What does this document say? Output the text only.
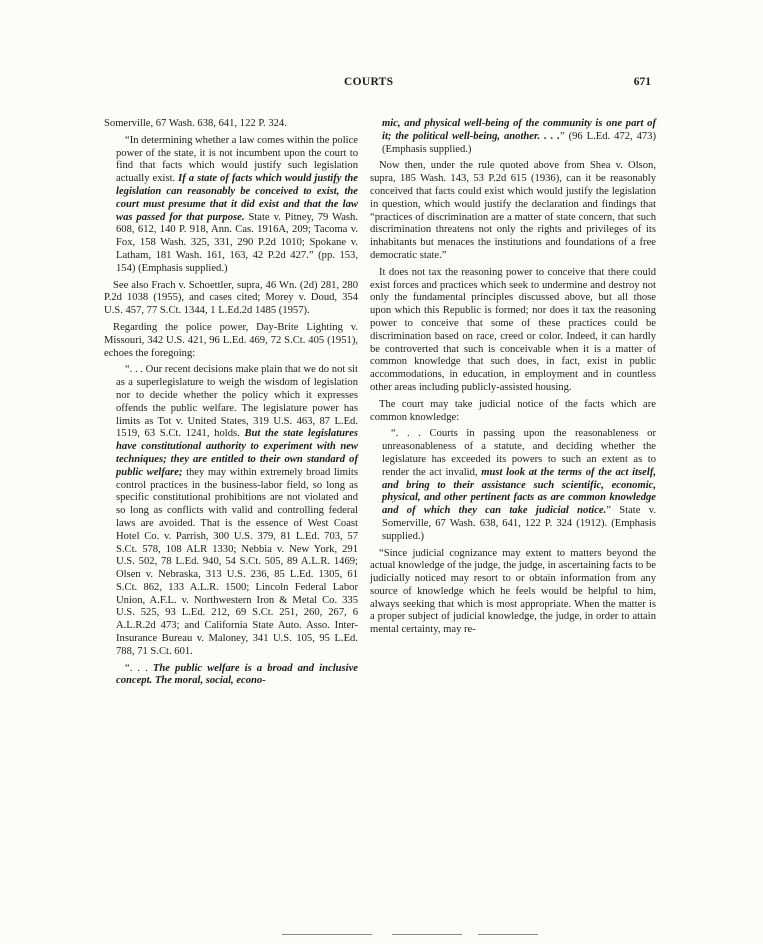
COURTS	671

Somerville, 67 Wash. 638, 641, 122 P. 324.

“In determining whether a law comes within the police power of the state, it is not incumbent upon the court to find that facts which would justify such legislation actually exist. If a state of facts which would justify the legislation can reasonably be conceived to exist, the court must presume that it did exist and that the law was passed for that purpose. State v. Pitney, 79 Wash. 608, 612, 140 P. 918, Ann. Cas. 1916A, 209; Tacoma v. Fox, 158 Wash. 325, 331, 290 P.2d 1010; Spokane v. Latham, 181 Wash. 161, 163, 42 P.2d 427.” (pp. 153, 154) (Emphasis supplied.)

See also Frach v. Schoettler, supra, 46 Wn. (2d) 281, 280 P.2d 1038 (1955), and cases cited; Morey v. Doud, 354 U.S. 457, 77 S.Ct. 1344, 1 L.Ed.2d 1485 (1957).

Regarding the police power, Day-Brite Lighting v. Missouri, 342 U.S. 421, 96 L.Ed. 469, 72 S.Ct. 405 (1951), echoes the foregoing:

“. . . Our recent decisions make plain that we do not sit as a superlegislature to weigh the wisdom of legislation nor to decide whether the policy which it expresses offends the public welfare. The legislature power has limits as Tot v. United States, 319 U.S. 463, 87 L.Ed. 1519, 63 S.Ct. 1241, holds. But the state legislatures have constitutional authority to experiment with new techniques; they are entitled to their own standard of public welfare; they may within extremely broad limits control practices in the business-labor field, so long as specific constitutional prohibitions are not violated and so long as conflicts with valid and controlling federal laws are avoided. That is the essence of West Coast Hotel Co. v. Parrish, 300 U.S. 379, 81 L.Ed. 703, 57 S.Ct. 578, 108 ALR 1330; Nebbia v. New York, 291 U.S. 502, 78 L.Ed. 940, 54 S.Ct. 505, 89 A.L.R. 1469; Olsen v. Nebraska, 313 U.S. 236, 85 L.Ed. 1305, 61 S.Ct. 862, 133 A.L.R. 1500; Lincoln Federal Labor Union, A.F.L. v. Northwestern Iron & Metal Co. 335 U.S. 525, 93 L.Ed. 212, 69 S.Ct. 251, 260, 267, 6 A.L.R.2d 473; and California State Auto. Asso. Inter-Insurance Bureau v. Maloney, 341 U.S. 105, 95 L.Ed. 788, 71 S.Ct. 601.

“. . . The public welfare is a broad and inclusive concept. The moral, social, econo-

mic, and physical well-being of the community is one part of it; the political well-being, another. . . .” (96 L.Ed. 472, 473) (Emphasis supplied.)

Now then, under the rule quoted above from Shea v. Olson, supra, 185 Wash. 143, 53 P.2d 615 (1936), can it be reasonably conceived that facts could exist which would justify the legislation in question, which would justify the declaration and findings that “practices of discrimination are a matter of state concern, that such discrimination threatens not only the rights and privileges of its inhabitants but menaces the institutions and foundations of a free democratic state.”

It does not tax the reasoning power to conceive that there could exist forces and practices which seek to undermine and destroy not only the fundamental principles discussed above, but all those upon which this Republic is formed; nor does it tax the reasoning power to conceive that some of these practices could be discrimination based on race, creed or color. Indeed, it can hardly be controverted that such is conceivable when it is a matter of common knowledge that such does, in fact, exist in public accommodations, in education, in employment and in countless other areas including publicly-assisted housing.

The court may take judicial notice of the facts which are common knowledge:

“. . . Courts in passing upon the reasonableness or unreasonableness of a statute, and deciding whether the legislature has exceeded its powers to such an extent as to render the act invalid, must look at the terms of the act itself, and bring to their assistance such scientific, economic, physical, and other pertinent facts as are common knowledge and of which they can take judicial notice.” State v. Somerville, 67 Wash. 638, 641, 122 P. 324 (1912). (Emphasis supplied.)

“Since judicial cognizance may extent to matters beyond the actual knowledge of the judge, the judge, in ascertaining facts to be judicially noticed may resort to or obtain information from any source of knowledge which he feels would be helpful to him, always seeking that which is most appropriate. When the matter is a proper subject of judicial knowledge, the judge, in order to attain mental certainty, may re-
